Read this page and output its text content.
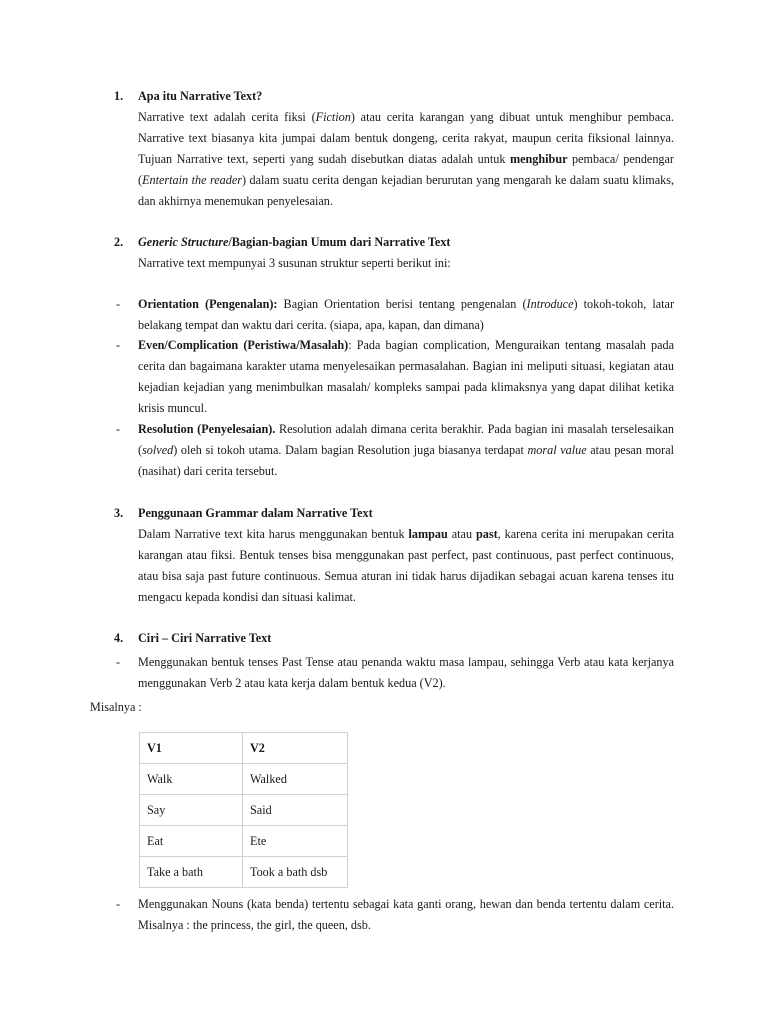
1. Apa itu Narrative Text?
Narrative text adalah cerita fiksi (Fiction) atau cerita karangan yang dibuat untuk menghibur pembaca. Narrative text biasanya kita jumpai dalam bentuk dongeng, cerita rakyat, maupun cerita fiksional lainnya. Tujuan Narrative text, seperti yang sudah disebutkan diatas adalah untuk menghibur pembaca/ pendengar (Entertain the reader) dalam suatu cerita dengan kejadian berurutan yang mengarah ke dalam suatu klimaks, dan akhirnya menemukan penyelesaian.
2. Generic Structure/Bagian-bagian Umum dari Narrative Text
Narrative text mempunyai 3 susunan struktur seperti berikut ini:
- Orientation (Pengenalan): Bagian Orientation berisi tentang pengenalan (Introduce) tokoh-tokoh, latar belakang tempat dan waktu dari cerita. (siapa, apa, kapan, dan dimana)
- Even/Complication (Peristiwa/Masalah): Pada bagian complication, Menguraikan tentang masalah pada cerita dan bagaimana karakter utama menyelesaikan permasalahan. Bagian ini meliputi situasi, kegiatan atau kejadian kejadian yang menimbulkan masalah/ kompleks sampai pada klimaksnya yang dapat dilihat ketika krisis muncul.
- Resolution (Penyelesaian). Resolution adalah dimana cerita berakhir. Pada bagian ini masalah terselesaikan (solved) oleh si tokoh utama. Dalam bagian Resolution juga biasanya terdapat moral value atau pesan moral (nasihat) dari cerita tersebut.
3. Penggunaan Grammar dalam Narrative Text
Dalam Narrative text kita harus menggunakan bentuk lampau atau past, karena cerita ini merupakan cerita karangan atau fiksi. Bentuk tenses bisa menggunakan past perfect, past continuous, past perfect continuous, atau bisa saja past future continuous. Semua aturan ini tidak harus dijadikan sebagai acuan karena tenses itu mengacu kepada kondisi dan situasi kalimat.
4. Ciri – Ciri Narrative Text
- Menggunakan bentuk tenses Past Tense atau penanda waktu masa lampau, sehingga Verb atau kata kerjanya menggunakan Verb 2 atau kata kerja dalam bentuk kedua (V2).
Misalnya :
V1	V2
Walk	Walked
Say	Said
Eat	Ete
Take a bath	Took a bath dsb
- Menggunakan Nouns (kata benda) tertentu sebagai kata ganti orang, hewan dan benda tertentu dalam cerita. Misalnya : the princess, the girl, the queen, dsb.
